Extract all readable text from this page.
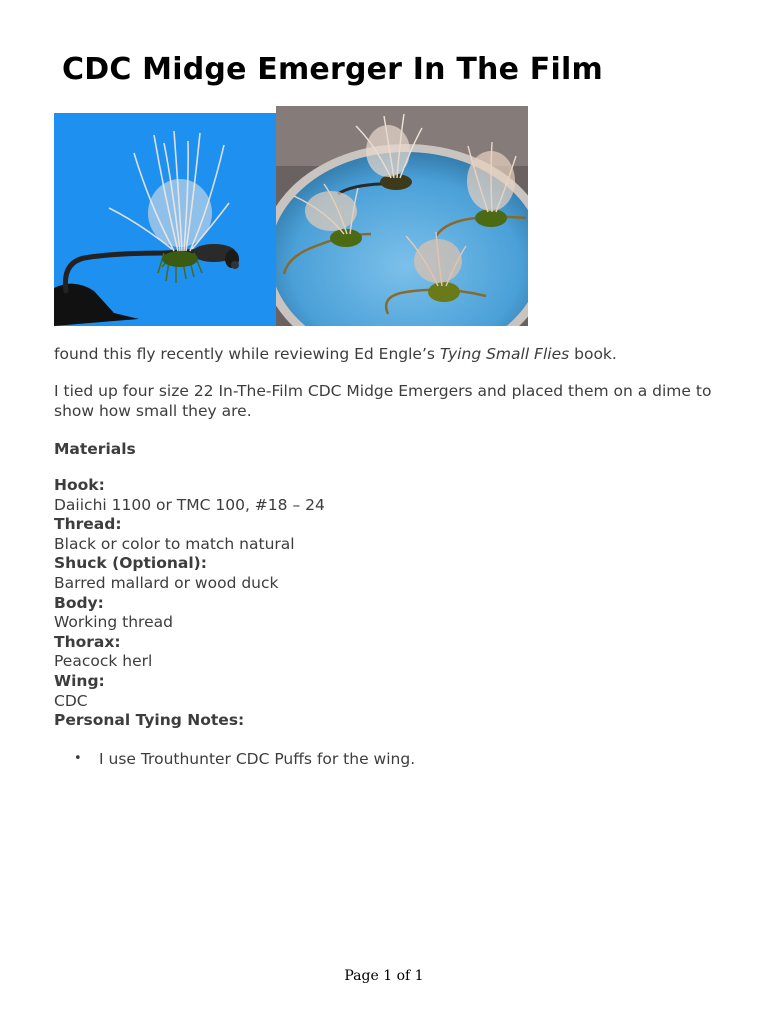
CDC Midge Emerger In The Film

found this fly recently while reviewing Ed Engle’s Tying Small Flies book.

I tied up four size 22 In-The-Film CDC Midge Emergers and placed them on a dime to show how small they are.

Materials

Hook:
Daiichi 1100 or TMC 100, #18 – 24
Thread:
Black or color to match natural
Shuck (Optional):
Barred mallard or wood duck
Body:
Working thread
Thorax:
Peacock herl
Wing:
CDC
Personal Tying Notes:
• I use Trouthunter CDC Puffs for the wing.
Page 1 of 1
